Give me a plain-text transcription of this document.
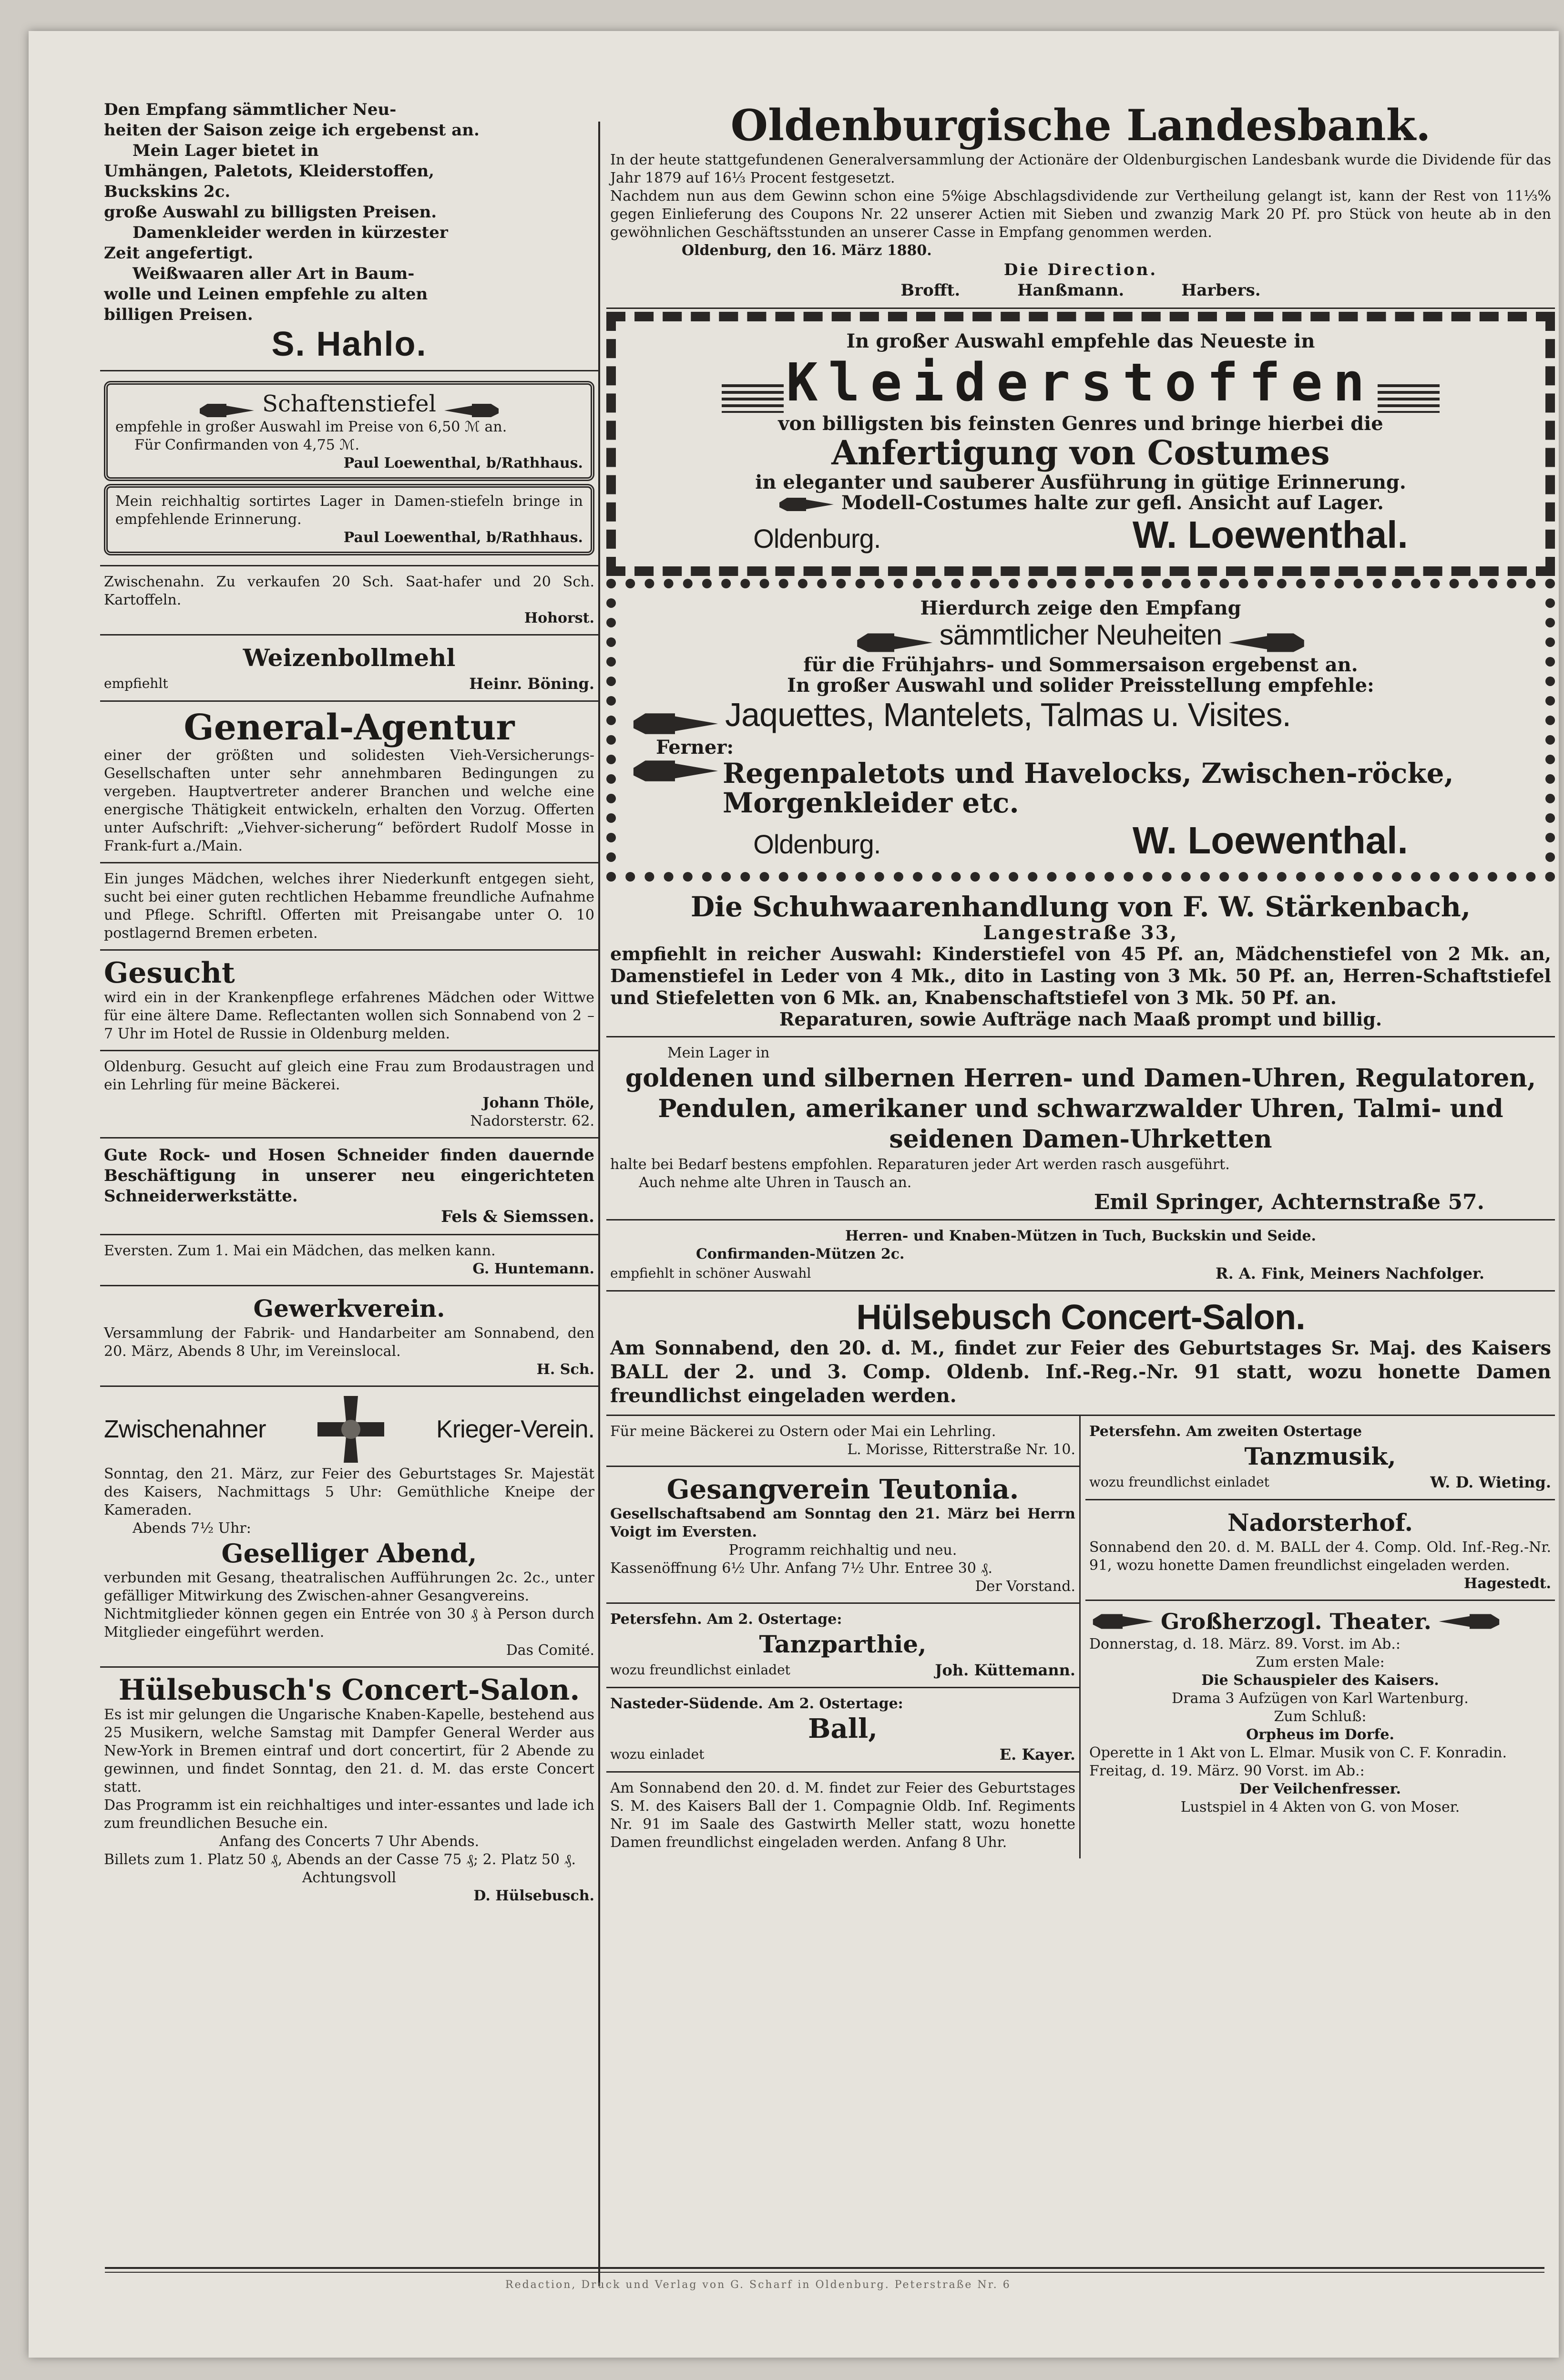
Den Empfang sämmtlicher Neu-

heiten der Saison zeige ich ergebenst an.

Mein Lager bietet in

Umhängen, Paletots, Kleiderstoffen,

Buckskins 2c.

große Auswahl zu billigsten Preisen.

Damenkleider werden in kürzester

Zeit angefertigt.

Weißwaaren aller Art in Baum-

wolle und Leinen empfehle zu alten

billigen Preisen.

S. Hahlo.
Schaftenstiefel

empfehle in großer Auswahl im Preise von 6,50 ℳ an.

Für Confirmanden von 4,75 ℳ.

Paul Loewenthal, b/Rathhaus.

Mein reichhaltig sortirtes Lager in Damen-stiefeln bringe in empfehlende Erinnerung.

Paul Loewenthal, b/Rathhaus.

Zwischenahn. Zu verkaufen 20 Sch. Saat-hafer und 20 Sch. Kartoffeln.

Hohorst.

Weizenbollmehl
empfiehlt	Heinr. Böning.
General-Agentur

einer der größten und solidesten Vieh-Versicherungs-Gesellschaften unter sehr annehmbaren Bedingungen zu vergeben. Hauptvertreter anderer Branchen und welche eine energische Thätigkeit entwickeln, erhalten den Vorzug. Offerten unter Aufschrift: „Viehver-sicherung“ befördert Rudolf Mosse in Frank-furt a./Main.

Ein junges Mädchen, welches ihrer Niederkunft entgegen sieht, sucht bei einer guten rechtlichen Hebamme freundliche Aufnahme und Pflege. Schriftl. Offerten mit Preisangabe unter O. 10 postlagernd Bremen erbeten.

Gesucht

wird ein in der Krankenpflege erfahrenes Mädchen oder Wittwe für eine ältere Dame. Reflectanten wollen sich Sonnabend von 2 – 7 Uhr im Hotel de Russie in Oldenburg melden.

Oldenburg. Gesucht auf gleich eine Frau zum Brodaustragen und ein Lehrling für meine Bäckerei.

Johann Thöle,

Nadorsterstr. 62.

Gute Rock- und Hosen Schneider finden dauernde Beschäftigung in unserer neu eingerichteten Schneiderwerkstätte.

Fels & Siemssen.

Eversten. Zum 1. Mai ein Mädchen, das melken kann.

G. Huntemann.

Gewerkverein.

Versammlung der Fabrik- und Handarbeiter am Sonnabend, den 20. März, Abends 8 Uhr, im Vereinslocal.

H. Sch.

Zwischenahner	Krieger-Verein.

Sonntag, den 21. März, zur Feier des Geburtstages Sr. Majestät des Kaisers, Nachmittags 5 Uhr: Gemüthliche Kneipe der Kameraden.

Abends 7½ Uhr:

Geselliger Abend,

verbunden mit Gesang, theatralischen Aufführungen 2c. 2c., unter gefälliger Mitwirkung des Zwischen-ahner Gesangvereins.

Nichtmitglieder können gegen ein Entrée von 30 ₰ à Person durch Mitglieder eingeführt werden.

Das Comité.

Hülsebusch's Concert-Salon.

Es ist mir gelungen die Ungarische Knaben-Kapelle, bestehend aus 25 Musikern, welche Samstag mit Dampfer General Werder aus New-York in Bremen eintraf und dort concertirt, für 2 Abende zu gewinnen, und findet Sonntag, den 21. d. M. das erste Concert statt.

Das Programm ist ein reichhaltiges und inter-essantes und lade ich zum freundlichen Besuche ein.

Anfang des Concerts 7 Uhr Abends.

Billets zum 1. Platz 50 ₰, Abends an der Casse 75 ₰; 2. Platz 50 ₰.

Achtungsvoll

D. Hülsebusch.

Oldenburgische Landesbank.

In der heute stattgefundenen Generalversammlung der Actionäre der Oldenburgischen Landesbank wurde die Dividende für das Jahr 1879 auf 16⅓ Procent festgesetzt.

Nachdem nun aus dem Gewinn schon eine 5%ige Abschlagsdividende zur Vertheilung gelangt ist, kann der Rest von 11⅓% gegen Einlieferung des Coupons Nr. 22 unserer Actien mit Sieben und zwanzig Mark 20 Pf. pro Stück von heute ab in den gewöhnlichen Geschäftsstunden an unserer Casse in Empfang genommen werden.

Oldenburg, den 16. März 1880.

Die Direction.

Brofft.	Hanßmann.	Harbers.

In großer Auswahl empfehle das Neueste in

Kleiderstoffen

von billigsten bis feinsten Genres und bringe hierbei die

Anfertigung von Costumes

in eleganter und sauberer Ausführung in gütige Erinnerung.

Modell-Costumes halte zur gefl. Ansicht auf Lager.

Oldenburg.	W. Loewenthal.

Hierdurch zeige den Empfang

sämmtlicher Neuheiten

für die Frühjahrs- und Sommersaison ergebenst an.

In großer Auswahl und solider Preisstellung empfehle:

Jaquettes, Mantelets, Talmas u. Visites.

Ferner:

Regenpaletots und Havelocks, Zwischen-röcke, Morgenkleider etc.
Oldenburg.	W. Loewenthal.
Die Schuhwaarenhandlung von F. W. Stärkenbach,

Langestraße 33,

empfiehlt in reicher Auswahl: Kinderstiefel von 45 Pf. an, Mädchenstiefel von 2 Mk. an, Damenstiefel in Leder von 4 Mk., dito in Lasting von 3 Mk. 50 Pf. an, Herren-Schaftstiefel und Stiefeletten von 6 Mk. an, Knabenschaftstiefel von 3 Mk. 50 Pf. an.

Reparaturen, sowie Aufträge nach Maaß prompt und billig.

Mein Lager in

goldenen und silbernen Herren- und Damen-Uhren, Regulatoren, Pendulen, amerikaner und schwarzwalder Uhren, Talmi- und seidenen Damen-Uhrketten

halte bei Bedarf bestens empfohlen. Reparaturen jeder Art werden rasch ausgeführt.

Auch nehme alte Uhren in Tausch an.

Emil Springer, Achternstraße 57.

Herren- und Knaben-Mützen in Tuch, Buckskin und Seide.

Confirmanden-Mützen 2c.

empfiehlt in schöner Auswahl	R. A. Fink, Meiners Nachfolger.
Hülsebusch Concert-Salon.

Am Sonnabend, den 20. d. M., findet zur Feier des Geburtstages Sr. Maj. des Kaisers BALL der 2. und 3. Comp. Oldenb. Inf.-Reg.-Nr. 91 statt, wozu honette Damen freundlichst eingeladen werden.

Für meine Bäckerei zu Ostern oder Mai ein Lehrling.

L. Morisse, Ritterstraße Nr. 10.

Gesangverein Teutonia.

Gesellschaftsabend am Sonntag den 21. März bei Herrn Voigt im Eversten.

Programm reichhaltig und neu.

Kassenöffnung 6½ Uhr. Anfang 7½ Uhr. Entree 30 ₰.

Der Vorstand.

Petersfehn. Am 2. Ostertage:

Tanzparthie,
wozu freundlichst einladet	Joh. Küttemann.

Nasteder-Südende. Am 2. Ostertage:

Ball,
wozu einladet	E. Kayer.

Am Sonnabend den 20. d. M. findet zur Feier des Geburtstages S. M. des Kaisers Ball der 1. Compagnie Oldb. Inf. Regiments Nr. 91 im Saale des Gastwirth Meller statt, wozu honette Damen freundlichst eingeladen werden. Anfang 8 Uhr.

Petersfehn. Am zweiten Ostertage

Tanzmusik,
wozu freundlichst einladet	W. D. Wieting.
Nadorsterhof.

Sonnabend den 20. d. M. BALL der 4. Comp. Old. Inf.-Reg.-Nr. 91, wozu honette Damen freundlichst eingeladen werden.

Hagestedt.

Großherzogl. Theater.

Donnerstag, d. 18. März. 89. Vorst. im Ab.:

Zum ersten Male:

Die Schauspieler des Kaisers.

Drama 3 Aufzügen von Karl Wartenburg.

Zum Schluß:

Orpheus im Dorfe.

Operette in 1 Akt von L. Elmar. Musik von C. F. Konradin.

Freitag, d. 19. März. 90 Vorst. im Ab.:

Der Veilchenfresser.

Lustspiel in 4 Akten von G. von Moser.

Redaction, Druck und Verlag von G. Scharf in Oldenburg. Peterstraße Nr. 6
